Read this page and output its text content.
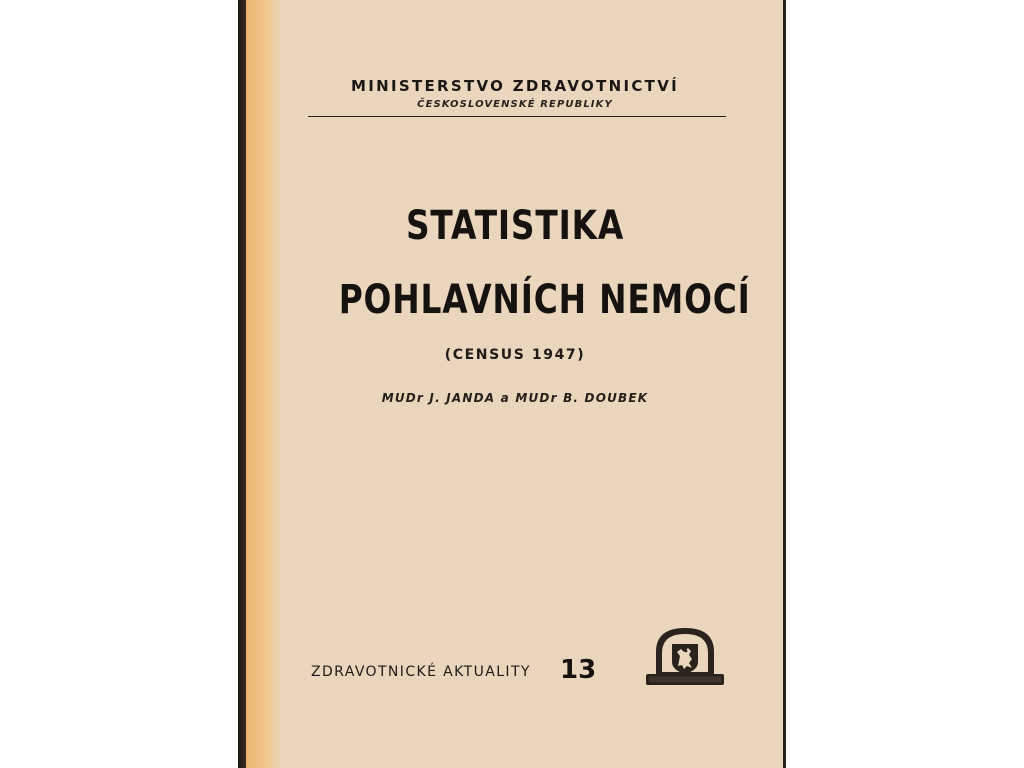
MINISTERSTVO ZDRAVOTNICTVÍ
ČESKOSLOVENSKÉ REPUBLIKY
STATISTIKA
POHLAVNÍCH NEMOCÍ
(CENSUS 1947)
MUDr J. JANDA a MUDr B. DOUBEK
ZDRAVOTNICKÉ AKTUALITY 13
